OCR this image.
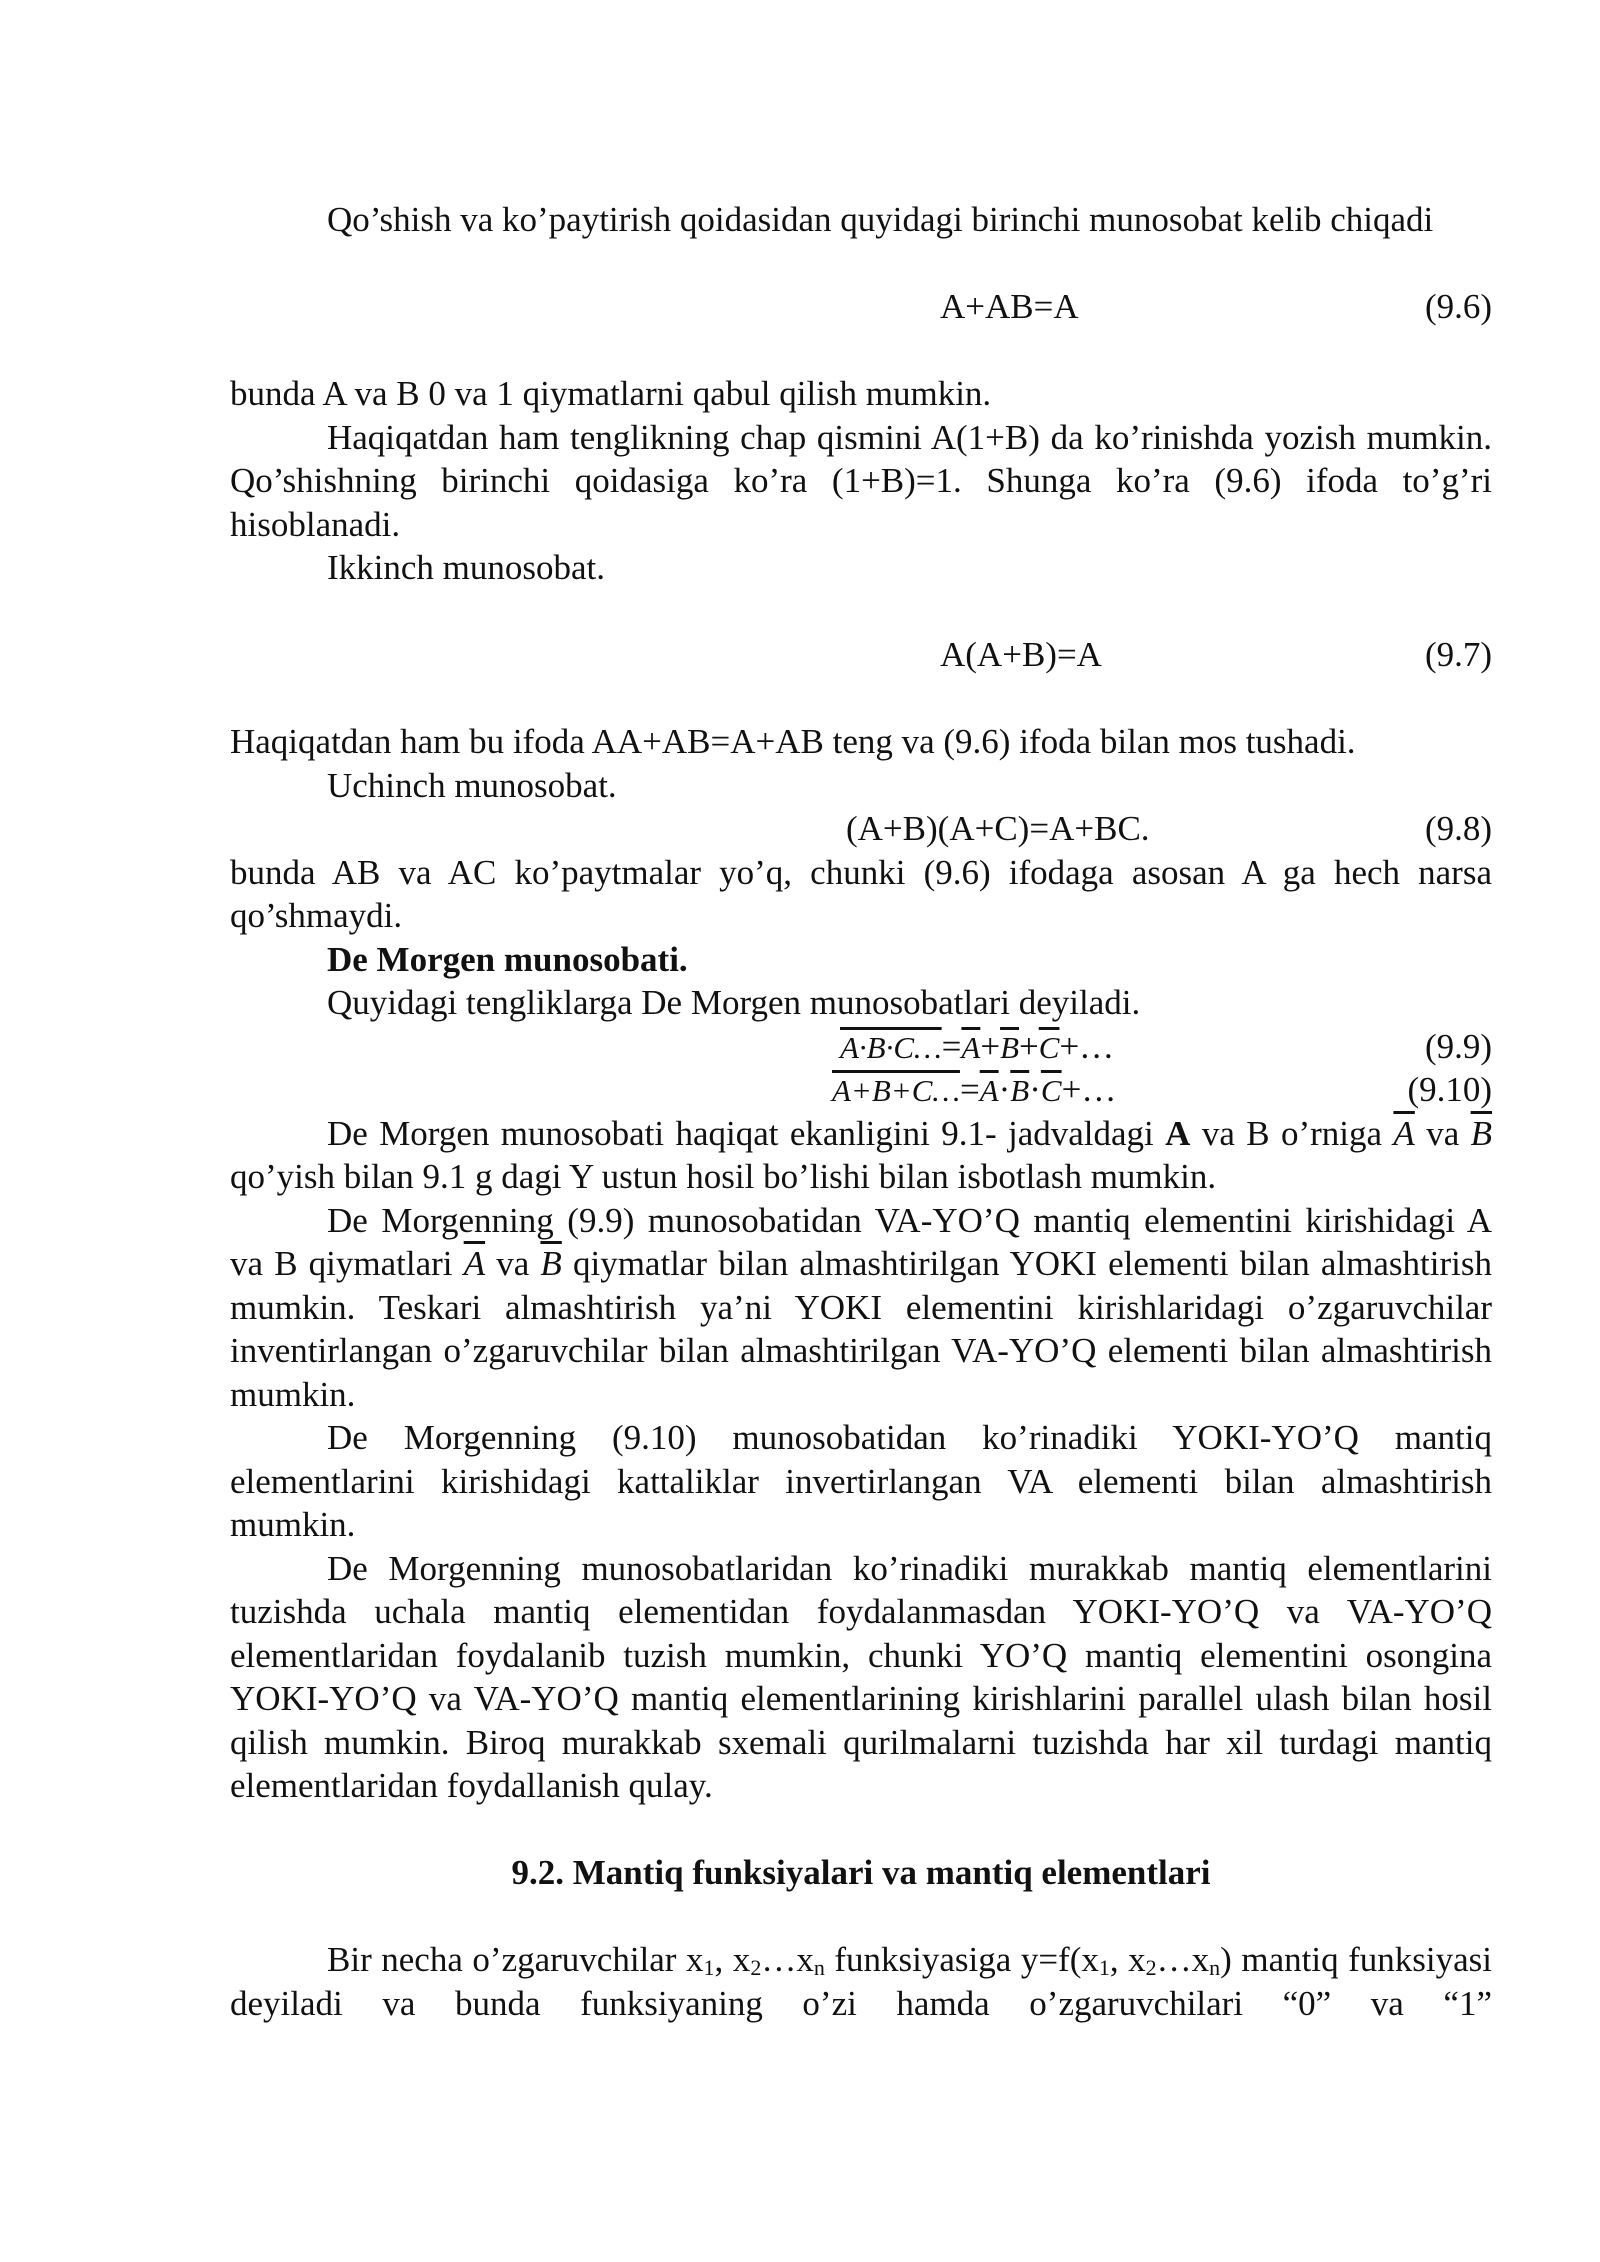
Qo’shish va ko’paytirish qoidasidan quyidagi birinchi munosobat kelib chiqadi

A+AB=A	(9.6)

bunda A va B 0 va 1 qiymatlarni qabul qilish mumkin.

Haqiqatdan ham tenglikning chap qismini A(1+B) da ko’rinishda yozish mumkin. Qo’shishning birinchi qoidasiga ko’ra (1+B)=1. Shunga ko’ra (9.6) ifoda to’g’ri hisoblanadi.

Ikkinch munosobat.

A(A+B)=A	(9.7)

Haqiqatdan ham bu ifoda AA+AB=A+AB teng va (9.6) ifoda bilan mos tushadi.

Uchinch munosobat.

(A+B)(A+C)=A+BC.	(9.8)

bunda AB va AC ko’paytmalar yo’q, chunki (9.6) ifodaga asosan A ga hech narsa qo’shmaydi.

De Morgen munosobati.

Quyidagi tengliklarga De Morgen munosobatlari deyiladi.

$A\cdot B\cdot C\dots=\overline{A}+\overline{B}+\overline{C}+\dots$	(9.9)
$A+B+C\dots=\overline{A}\cdot\overline{B}\cdot\overline{C}+\dots$	(9.10)

De Morgen munosobati haqiqat ekanligini 9.1- jadvaldagi A va B o’rniga $\overline{A}$ va $\overline{B}$ qo’yish bilan 9.1 g dagi Y ustun hosil bo’lishi bilan isbotlash mumkin.

De Morgenning (9.9) munosobatidan VA-YO’Q mantiq elementini kirishidagi A va B qiymatlari $\overline{A}$ va $\overline{B}$ qiymatlar bilan almashtirilgan YOKI elementi bilan almashtirish mumkin. Teskari almashtirish ya’ni YOKI elementini kirishlaridagi o’zgaruvchilar inventirlangan o’zgaruvchilar bilan almashtirilgan VA-YO’Q elementi bilan almashtirish mumkin.

De Morgenning (9.10) munosobatidan ko’rinadiki YOKI-YO’Q mantiq elementlarini kirishidagi kattaliklar invertirlangan VA elementi bilan almashtirish mumkin.

De Morgenning munosobatlaridan ko’rinadiki murakkab mantiq elementlarini tuzishda uchala mantiq elementidan foydalanmasdan YOKI-YO’Q va VA-YO’Q elementlaridan foydalanib tuzish mumkin, chunki YO’Q mantiq elementini osongina YOKI-YO’Q va VA-YO’Q mantiq elementlarining kirishlarini parallel ulash bilan hosil qilish mumkin. Biroq murakkab sxemali qurilmalarni tuzishda har xil turdagi mantiq elementlaridan foydallanish qulay.

9.2. Mantiq funksiyalari va mantiq elementlari

Bir necha o’zgaruvchilar $x_1$, $x_2\dots x_n$ funksiyasiga $y=f(x_1$, $x_2\dots x_n$) mantiq funksiyasi deyiladi va bunda funksiyaning o’zi hamda o’zgaruvchilari “0” va “1”
